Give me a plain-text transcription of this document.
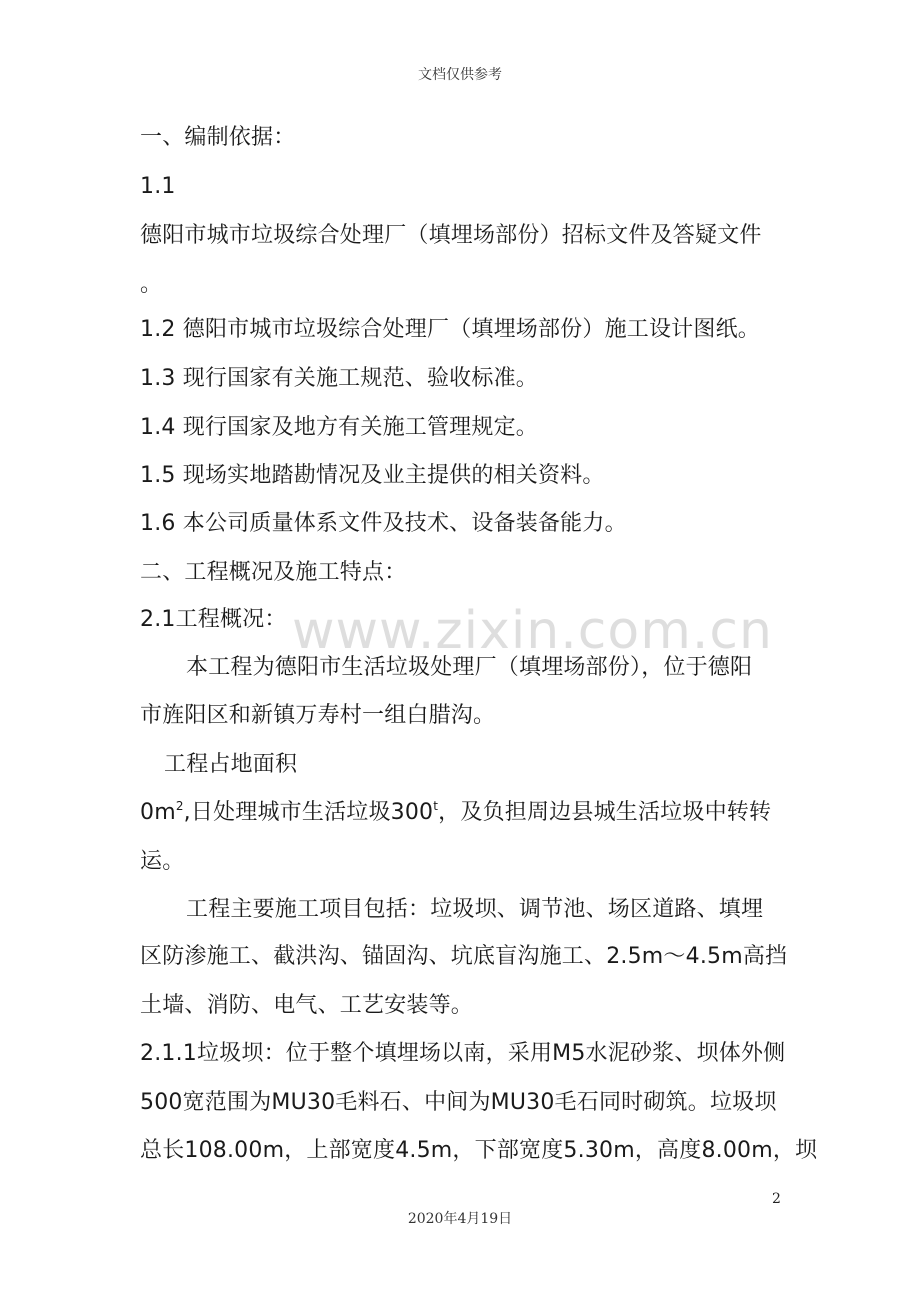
文档仅供参考
www.zixin.com.cn
一、编制依据：
1.1
德阳市城市垃圾综合处理厂（填埋场部份）招标文件及答疑文件
。
1.2 德阳市城市垃圾综合处理厂（填埋场部份）施工设计图纸。
1.3 现行国家有关施工规范、验收标准。
1.4 现行国家及地方有关施工管理规定。
1.5 现场实地踏勘情况及业主提供的相关资料。
1.6 本公司质量体系文件及技术、设备装备能力。
二、工程概况及施工特点：
2.1工程概况：
本工程为德阳市生活垃圾处理厂（填埋场部份），位于德阳
市旌阳区和新镇万寿村一组白腊沟。
工程占地面积
$0m^2$,日处理城市生活垃圾300$^t$，及负担周边县城生活垃圾中转转
运。
工程主要施工项目包括：垃圾坝、调节池、场区道路、填埋
区防渗施工、截洪沟、锚固沟、坑底盲沟施工、2.5m～4.5m高挡
土墙、消防、电气、工艺安装等。
2.1.1垃圾坝：位于整个填埋场以南，采用M5水泥砂浆、坝体外侧
500宽范围为MU30毛料石、中间为MU30毛石同时砌筑。垃圾坝
总长108.00m，上部宽度4.5m，下部宽度5.30m，高度8.00m，坝
2
2020年4月19日
